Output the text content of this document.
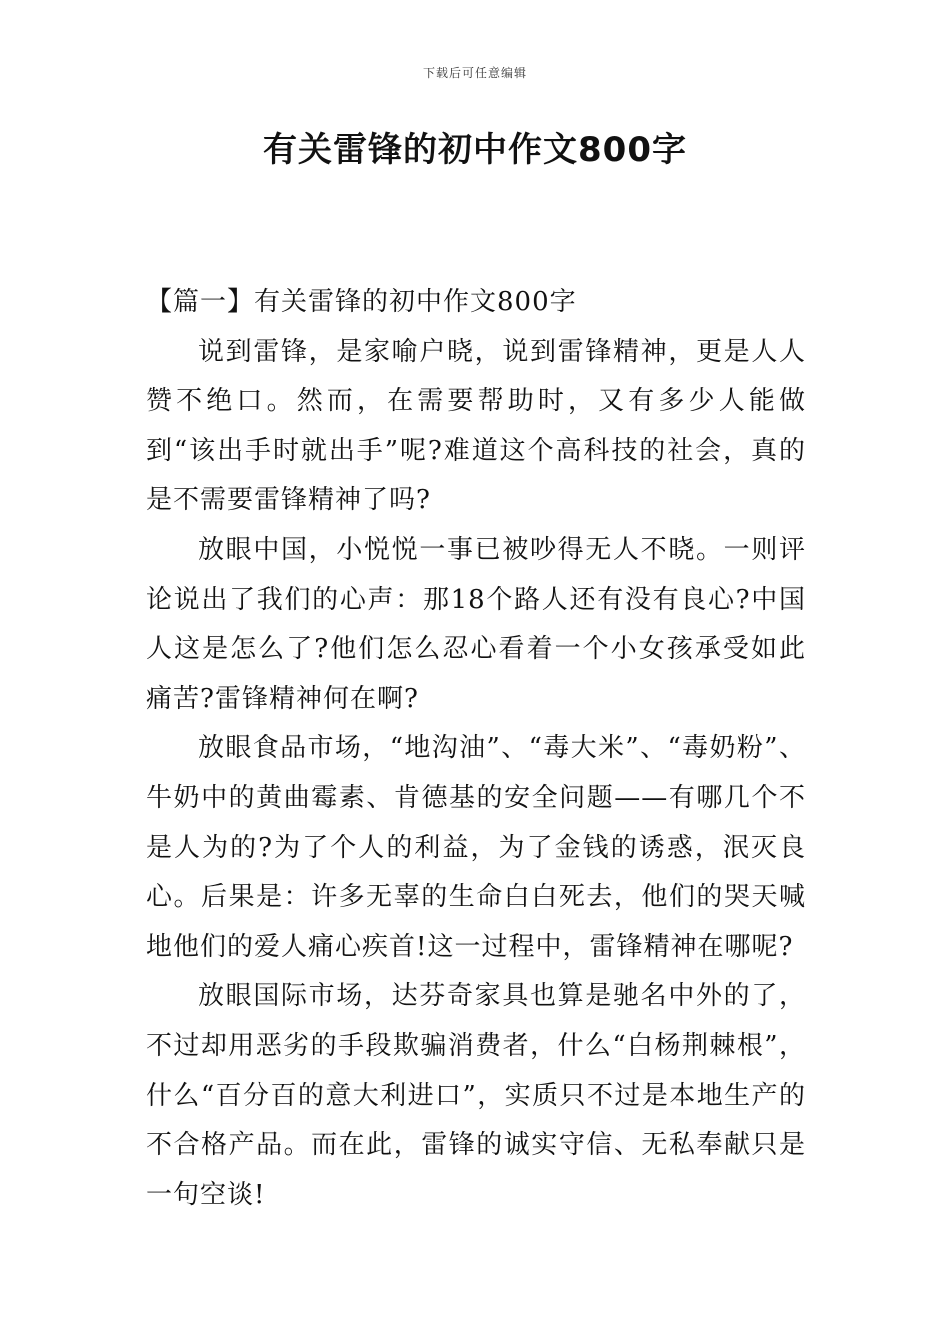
下载后可任意编辑
有关雷锋的初中作文800字

【篇一】有关雷锋的初中作文800字

说到雷锋，是家喻户晓，说到雷锋精神，更是人人赞不绝口。然而，在需要帮助时，又有多少人能做到“该出手时就出手”呢?难道这个高科技的社会，真的是不需要雷锋精神了吗?

放眼中国，小悦悦一事已被吵得无人不晓。一则评论说出了我们的心声：那18个路人还有没有良心?中国人这是怎么了?他们怎么忍心看着一个小女孩承受如此痛苦?雷锋精神何在啊?

放眼食品市场，“地沟油”、“毒大米”、“毒奶粉”、牛奶中的黄曲霉素、肯德基的安全问题——有哪几个不是人为的?为了个人的利益，为了金钱的诱惑，泯灭良心。后果是：许多无辜的生命白白死去，他们的哭天喊地他们的爱人痛心疾首!这一过程中，雷锋精神在哪呢?

放眼国际市场，达芬奇家具也算是驰名中外的了，不过却用恶劣的手段欺骗消费者，什么“白杨荆棘根”，什么“百分百的意大利进口”，实质只不过是本地生产的不合格产品。而在此，雷锋的诚实守信、无私奉献只是一句空谈!
